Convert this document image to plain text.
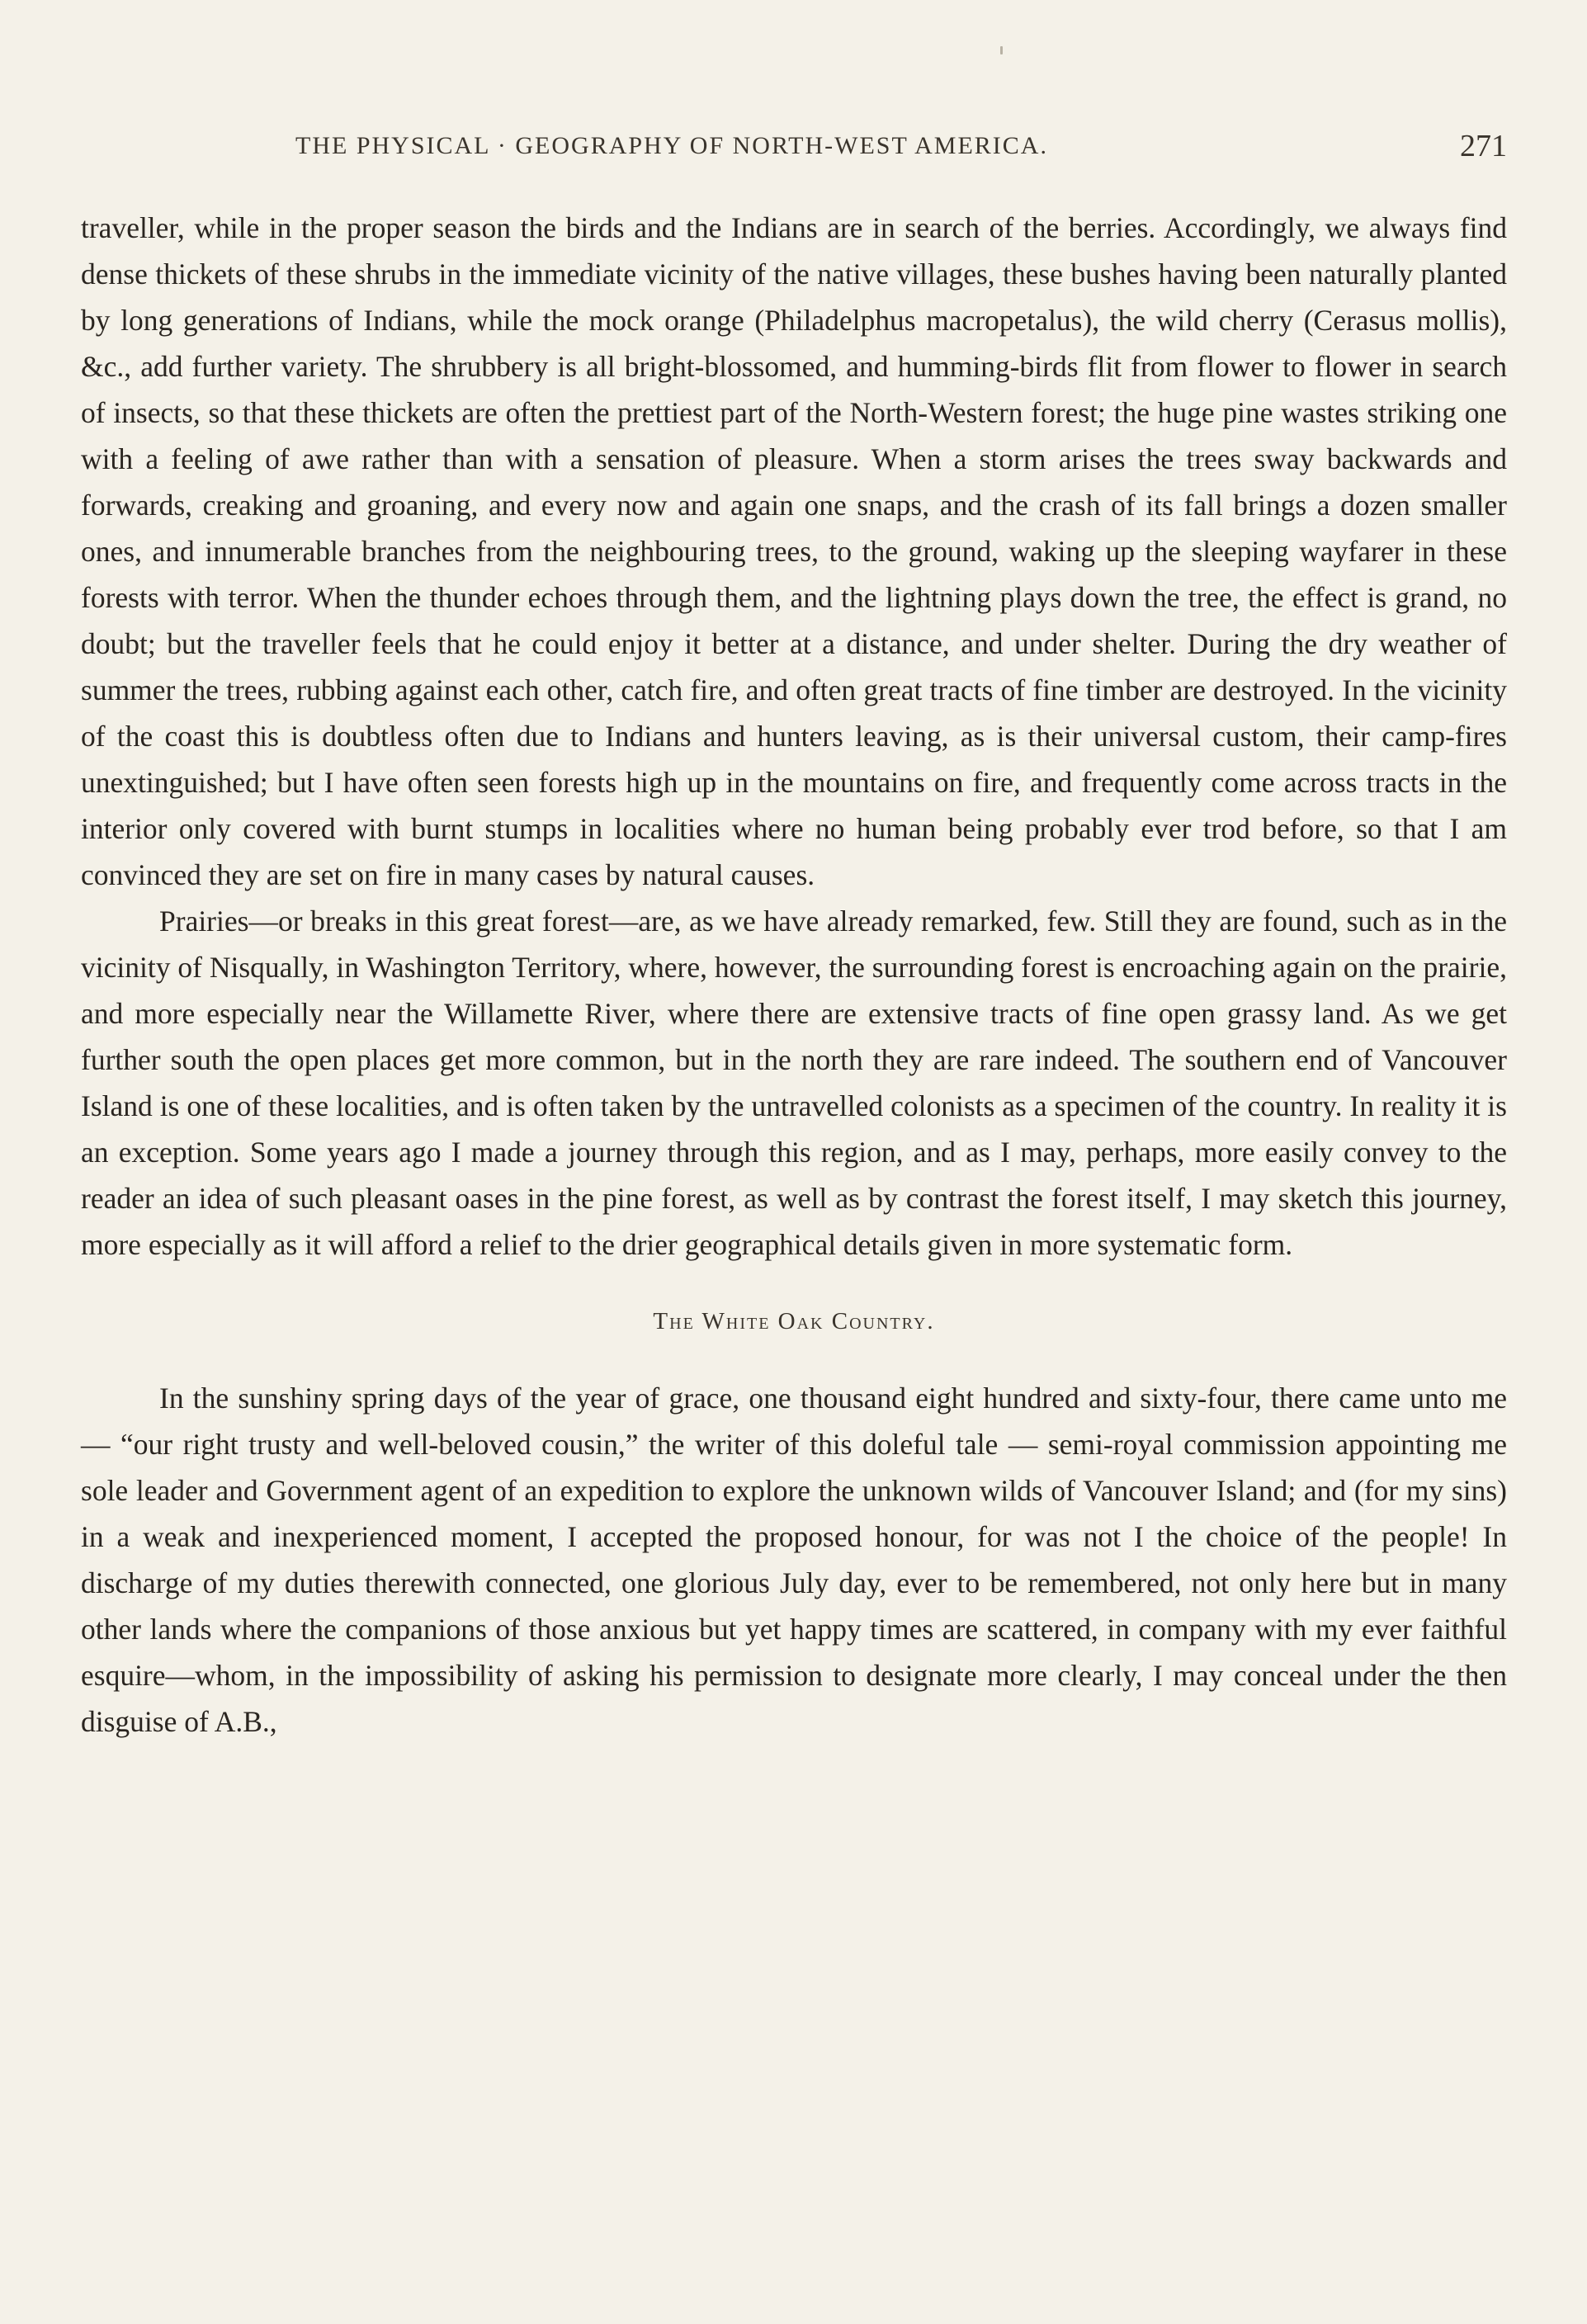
THE PHYSICAL · GEOGRAPHY OF NORTH-WEST AMERICA.	271

traveller, while in the proper season the birds and the Indians are in search of the berries. Accordingly, we always find dense thickets of these shrubs in the immediate vicinity of the native villages, these bushes having been naturally planted by long generations of Indians, while the mock orange (Philadelphus macropetalus), the wild cherry (Cerasus mollis), &c., add further variety. The shrubbery is all bright-blossomed, and humming-birds flit from flower to flower in search of insects, so that these thickets are often the prettiest part of the North-Western forest; the huge pine wastes striking one with a feeling of awe rather than with a sensation of pleasure. When a storm arises the trees sway backwards and forwards, creaking and groaning, and every now and again one snaps, and the crash of its fall brings a dozen smaller ones, and innumerable branches from the neighbouring trees, to the ground, waking up the sleeping wayfarer in these forests with terror. When the thunder echoes through them, and the lightning plays down the tree, the effect is grand, no doubt; but the traveller feels that he could enjoy it better at a distance, and under shelter. During the dry weather of summer the trees, rubbing against each other, catch fire, and often great tracts of fine timber are destroyed. In the vicinity of the coast this is doubtless often due to Indians and hunters leaving, as is their universal custom, their camp-fires unextinguished; but I have often seen forests high up in the mountains on fire, and frequently come across tracts in the interior only covered with burnt stumps in localities where no human being probably ever trod before, so that I am convinced they are set on fire in many cases by natural causes.

Prairies—or breaks in this great forest—are, as we have already remarked, few. Still they are found, such as in the vicinity of Nisqually, in Washington Territory, where, however, the surrounding forest is encroaching again on the prairie, and more especially near the Willamette River, where there are extensive tracts of fine open grassy land. As we get further south the open places get more common, but in the north they are rare indeed. The southern end of Vancouver Island is one of these localities, and is often taken by the untravelled colonists as a specimen of the country. In reality it is an exception. Some years ago I made a journey through this region, and as I may, perhaps, more easily convey to the reader an idea of such pleasant oases in the pine forest, as well as by contrast the forest itself, I may sketch this journey, more especially as it will afford a relief to the drier geographical details given in more systematic form.

The White Oak Country.

In the sunshiny spring days of the year of grace, one thousand eight hundred and sixty-four, there came unto me — “our right trusty and well-beloved cousin,” the writer of this doleful tale — semi-royal commission appointing me sole leader and Government agent of an expedition to explore the unknown wilds of Vancouver Island; and (for my sins) in a weak and inexperienced moment, I accepted the proposed honour, for was not I the choice of the people! In discharge of my duties therewith connected, one glorious July day, ever to be remembered, not only here but in many other lands where the companions of those anxious but yet happy times are scattered, in company with my ever faithful esquire—whom, in the impossibility of asking his permission to designate more clearly, I may conceal under the then disguise of A.B.,
